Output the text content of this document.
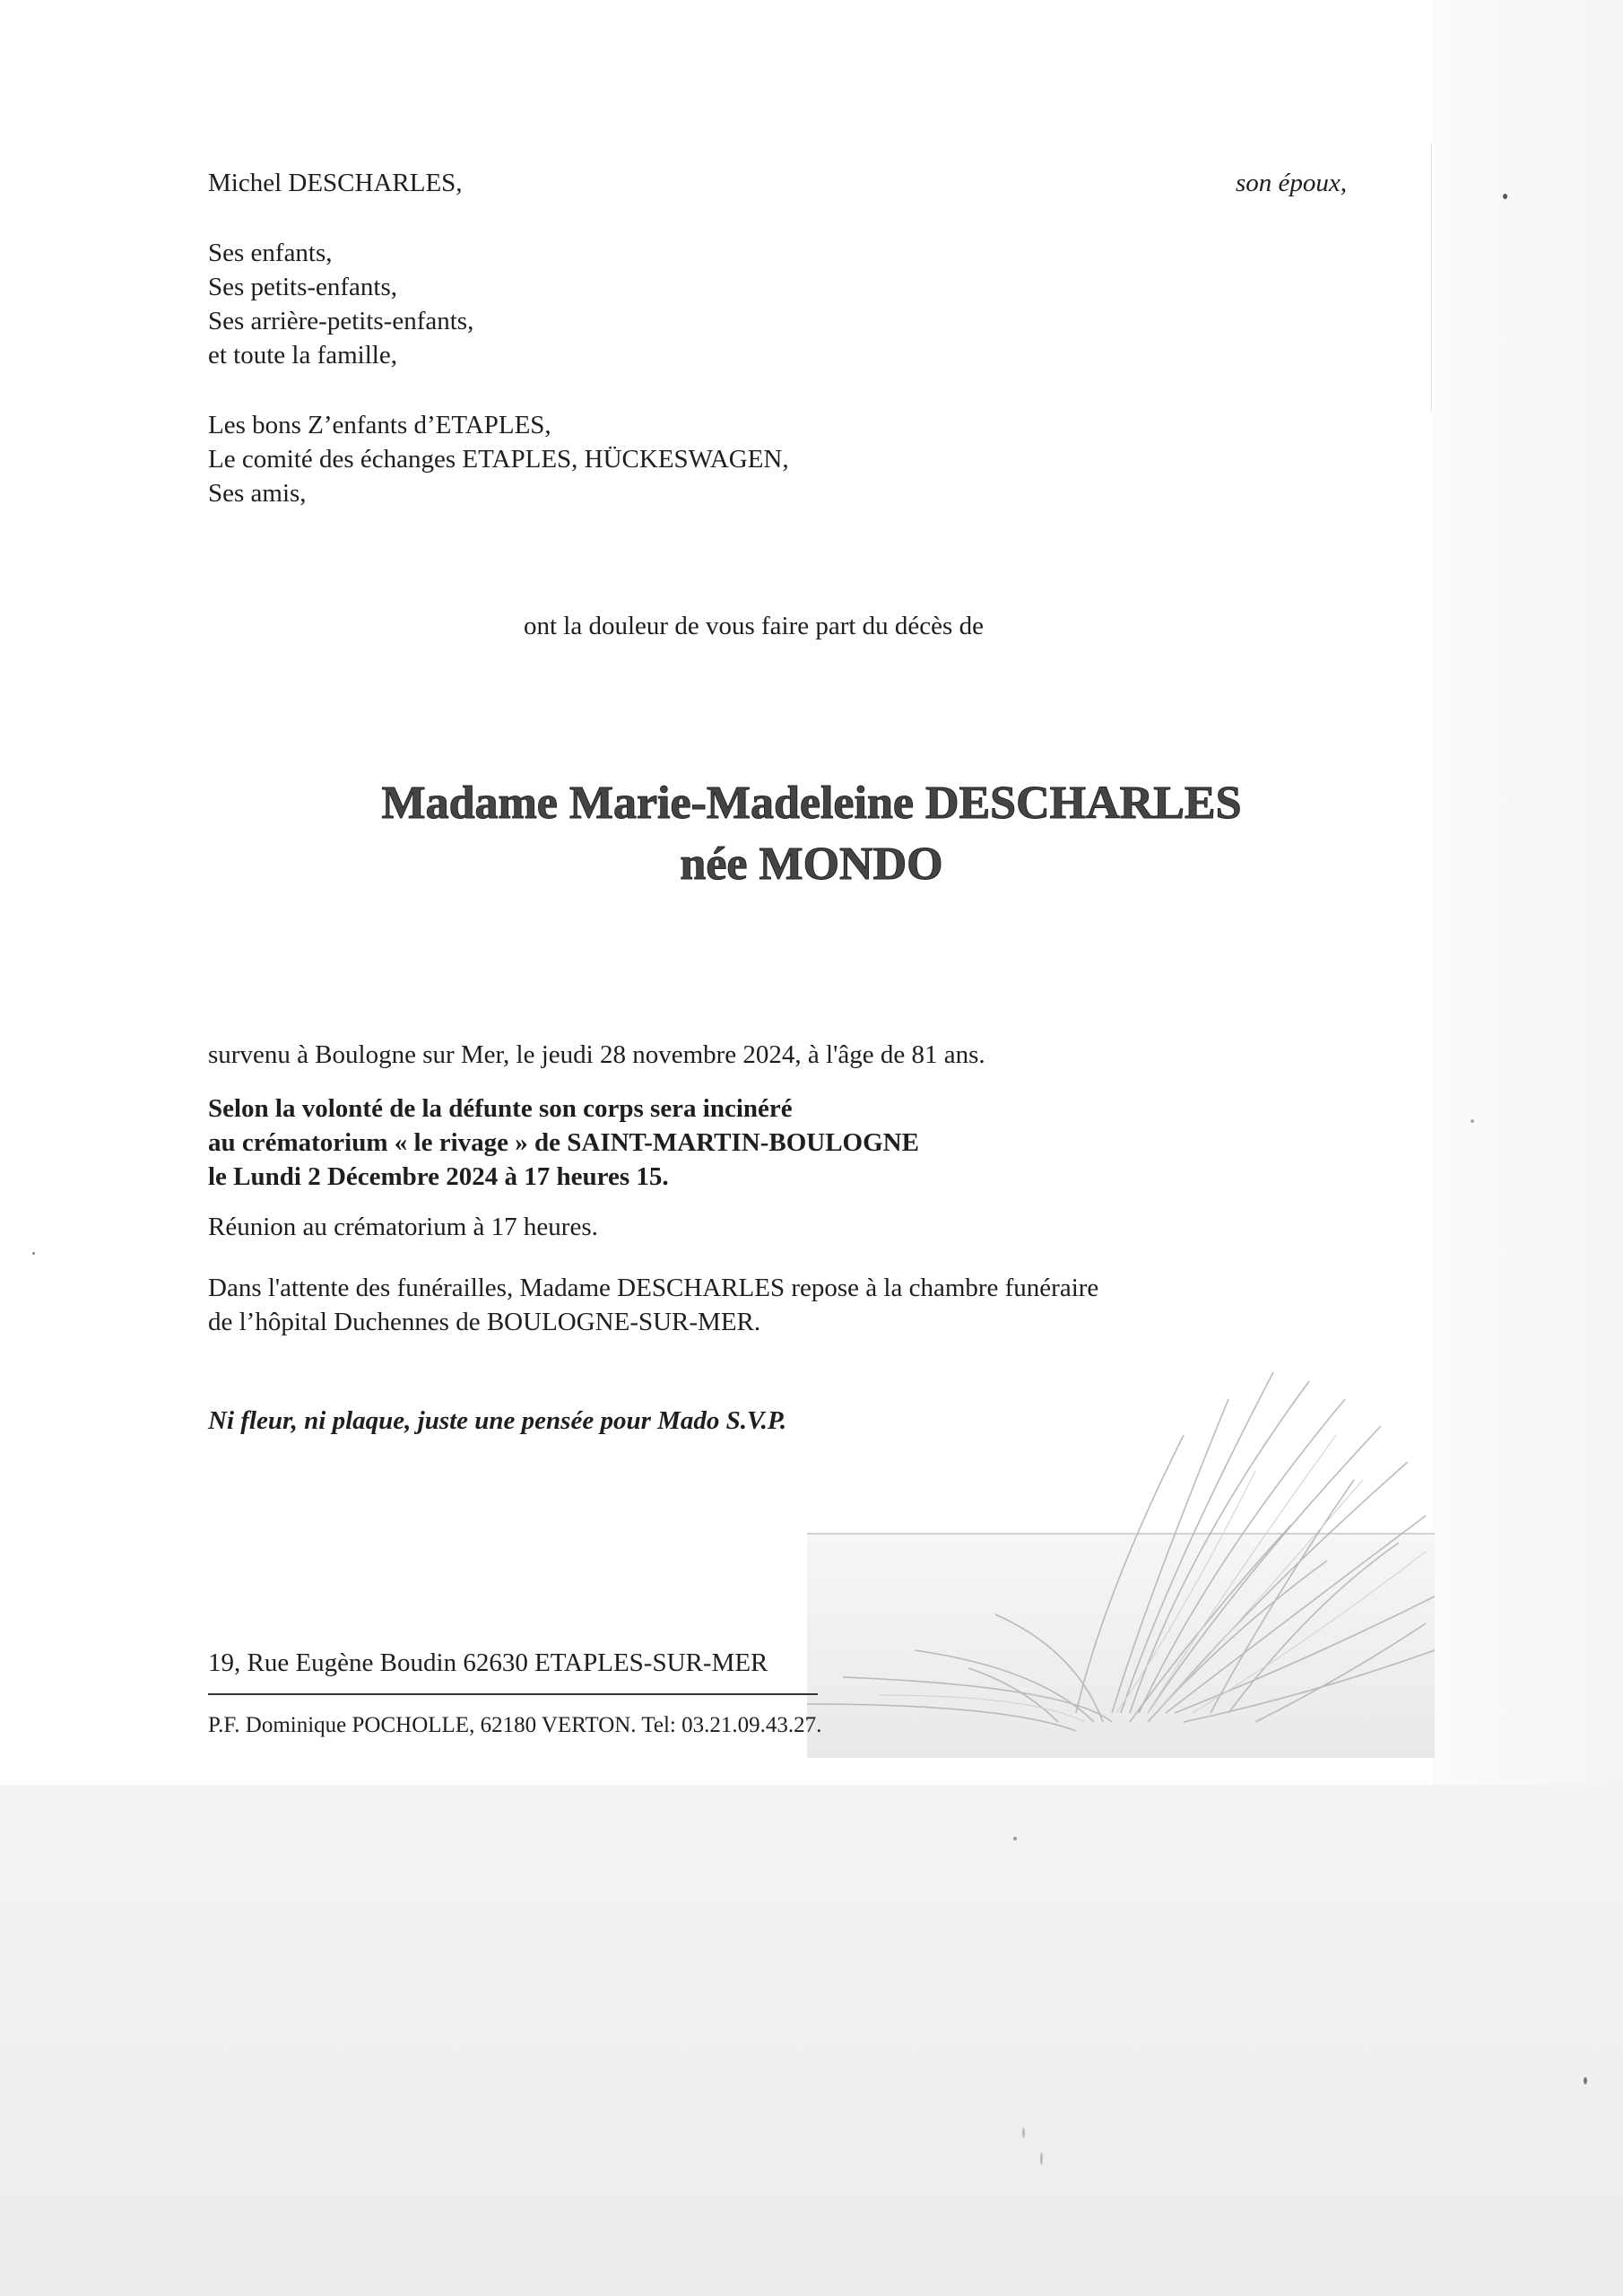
Michel DESCHARLES,	son époux,
Ses enfants,
Ses petits-enfants,
Ses arrière-petits-enfants,
et toute la famille,
Les bons Z’enfants d’ETAPLES,
Le comité des échanges ETAPLES, HÜCKESWAGEN,
Ses amis,
ont la douleur de vous faire part du décès de
Madame Marie-Madeleine DESCHARLES
née MONDO
survenu à Boulogne sur Mer, le jeudi 28 novembre 2024, à l'âge de 81 ans.
Selon la volonté de la défunte son corps sera incinéré
au crématorium « le rivage » de SAINT-MARTIN-BOULOGNE
le Lundi 2 Décembre 2024 à 17 heures 15.
Réunion au crématorium à 17 heures.
Dans l'attente des funérailles, Madame DESCHARLES repose à la chambre funéraire
de l’hôpital Duchennes de BOULOGNE-SUR-MER.
Ni fleur, ni plaque, juste une pensée pour Mado S.V.P.
19, Rue Eugène Boudin 62630 ETAPLES-SUR-MER
P.F. Dominique POCHOLLE, 62180 VERTON. Tel: 03.21.09.43.27.
